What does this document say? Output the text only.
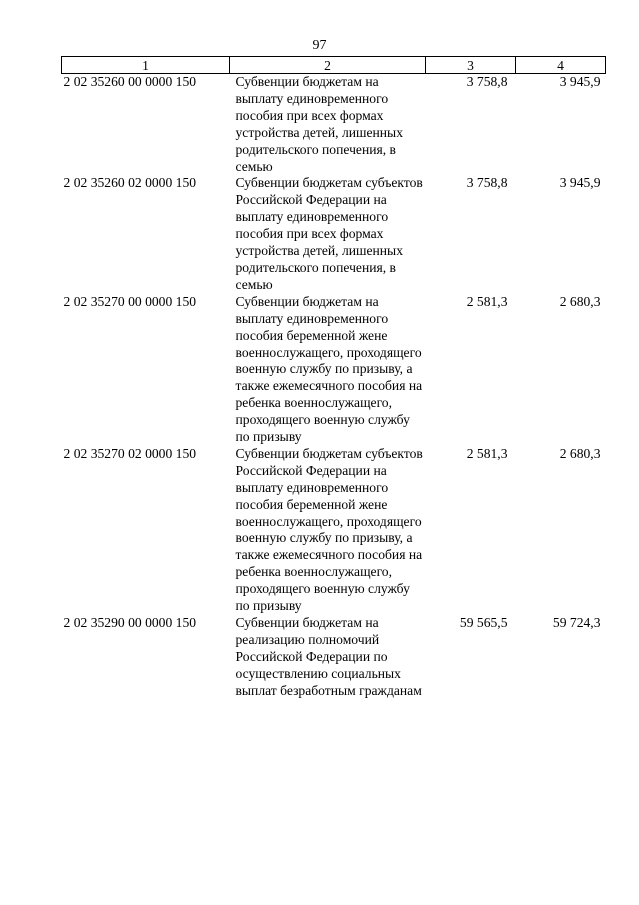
97
1	2	3	4
2 02 35260 00 0000 150	Субвенции бюджетам на выплату единовременного пособия при всех формах устройства детей, лишенных родительского попечения, в семью	3 758,8	3 945,9
2 02 35260 02 0000 150	Субвенции бюджетам субъектов Российской Федерации на выплату единовременного пособия при всех формах устройства детей, лишенных родительского попечения, в семью	3 758,8	3 945,9
2 02 35270 00 0000 150	Субвенции бюджетам на выплату единовременного пособия беременной жене военнослужащего, проходящего военную службу по призыву, а также ежемесячного пособия на ребенка военнослужащего, проходящего военную службу по призыву	2 581,3	2 680,3
2 02 35270 02 0000 150	Субвенции бюджетам субъектов Российской Федерации на выплату единовременного пособия беременной жене военнослужащего, проходящего военную службу по призыву, а также ежемесячного пособия на ребенка военнослужащего, проходящего военную службу по призыву	2 581,3	2 680,3
2 02 35290 00 0000 150	Субвенции бюджетам на реализацию полномочий Российской Федерации по осуществлению социальных выплат безработным гражданам	59 565,5	59 724,3
